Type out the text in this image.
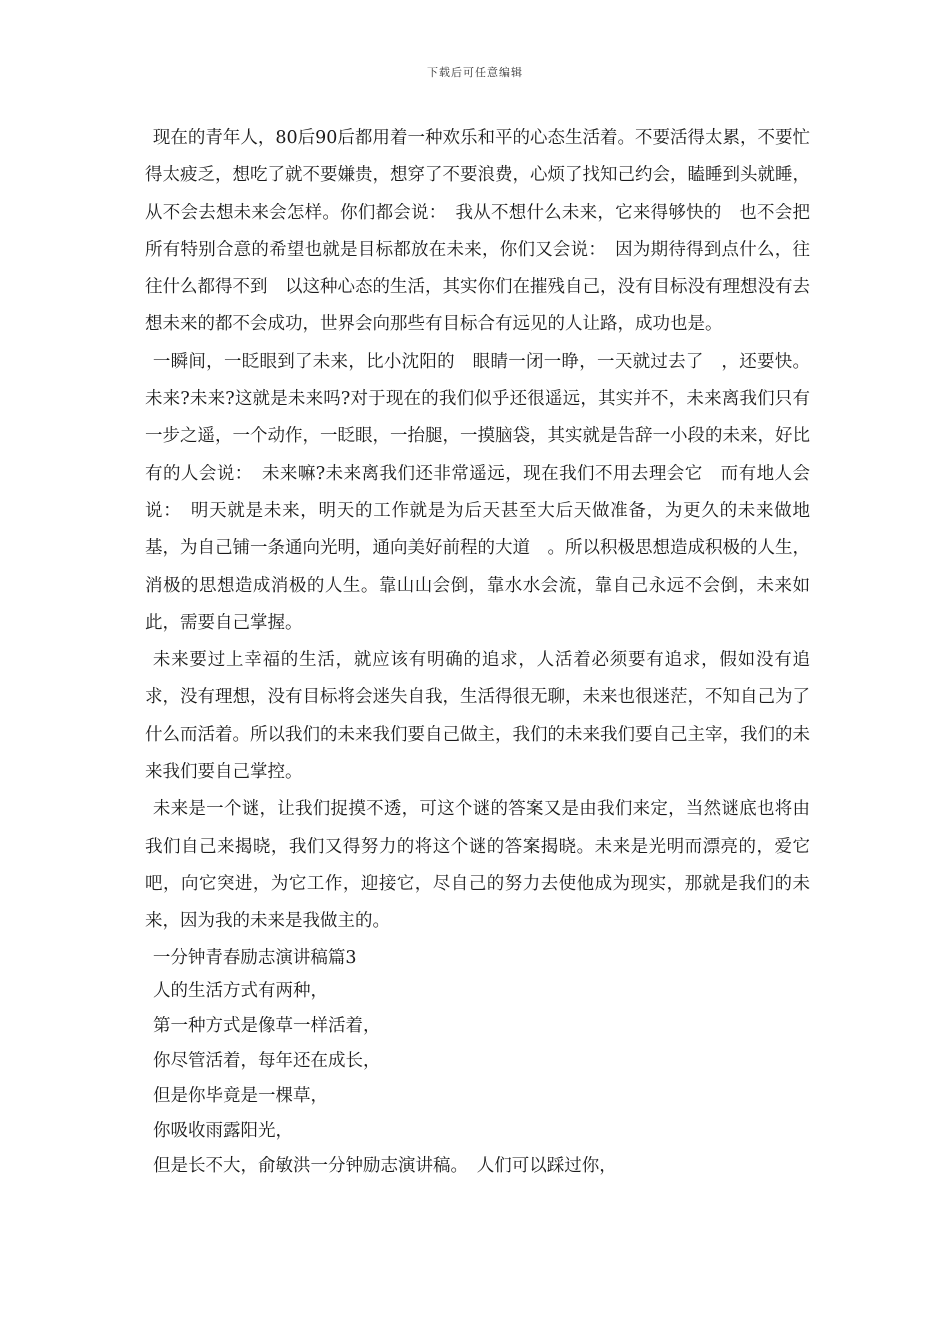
下载后可任意编辑

现在的青年人，80后90后都用着一种欢乐和平的心态生活着。不要活得太累，不要忙得太疲乏，想吃了就不要嫌贵，想穿了不要浪费，心烦了找知己约会，瞌睡到头就睡，从不会去想未来会怎样。你们都会说：　我从不想什么未来，它来得够快的　也不会把所有特别合意的希望也就是目标都放在未来，你们又会说：　因为期待得到点什么，往往什么都得不到　以这种心态的生活，其实你们在摧残自己，没有目标没有理想没有去想未来的都不会成功，世界会向那些有目标合有远见的人让路，成功也是。

一瞬间，一眨眼到了未来，比小沈阳的　眼睛一闭一睁，一天就过去了　，还要快。未来?未来?这就是未来吗?对于现在的我们似乎还很遥远，其实并不，未来离我们只有一步之遥，一个动作，一眨眼，一抬腿，一摸脑袋，其实就是告辞一小段的未来，好比有的人会说：　未来嘛?未来离我们还非常遥远，现在我们不用去理会它　而有地人会说：　明天就是未来，明天的工作就是为后天甚至大后天做准备，为更久的未来做地基，为自己铺一条通向光明，通向美好前程的大道　。所以积极思想造成积极的人生，消极的思想造成消极的人生。靠山山会倒，靠水水会流，靠自己永远不会倒，未来如此，需要自己掌握。

未来要过上幸福的生活，就应该有明确的追求，人活着必须要有追求，假如没有追求，没有理想，没有目标将会迷失自我，生活得很无聊，未来也很迷茫，不知自己为了什么而活着。所以我们的未来我们要自己做主，我们的未来我们要自己主宰，我们的未来我们要自己掌控。

未来是一个谜，让我们捉摸不透，可这个谜的答案又是由我们来定，当然谜底也将由我们自己来揭晓，我们又得努力的将这个谜的答案揭晓。未来是光明而漂亮的，爱它吧，向它突进，为它工作，迎接它，尽自己的努力去使他成为现实，那就是我们的未来，因为我的未来是我做主的。

一分钟青春励志演讲稿篇3

人的生活方式有两种，

第一种方式是像草一样活着，

你尽管活着，每年还在成长，

但是你毕竟是一棵草，

你吸收雨露阳光，

但是长不大，俞敏洪一分钟励志演讲稿。　人们可以踩过你，
